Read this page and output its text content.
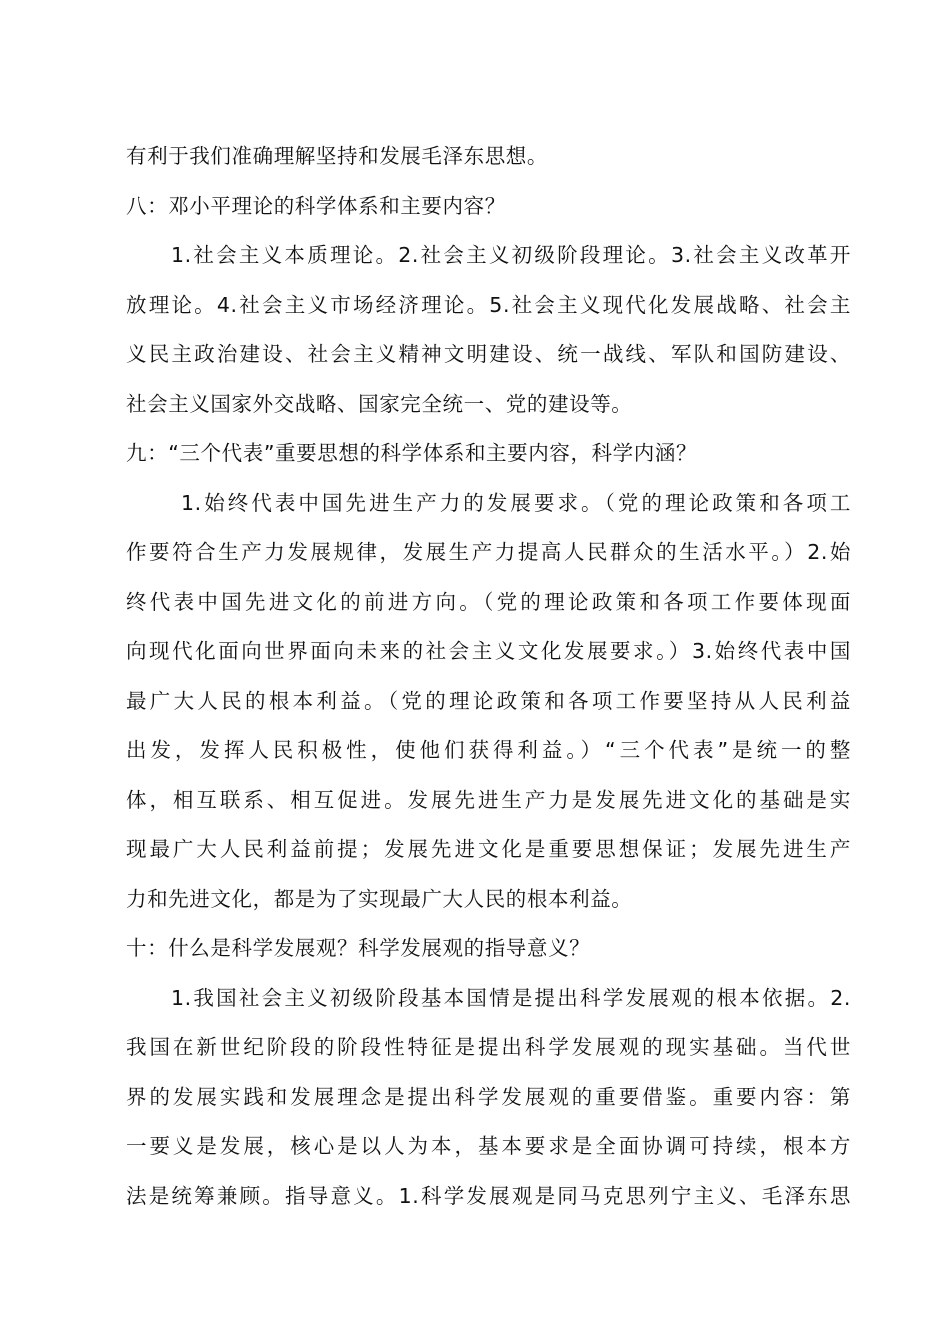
有利于我们准确理解坚持和发展毛泽东思想。
八：邓小平理论的科学体系和主要内容？
1.社会主义本质理论。2.社会主义初级阶段理论。3.社会主义改革开
放理论。4.社会主义市场经济理论。5.社会主义现代化发展战略、社会主
义民主政治建设、社会主义精神文明建设、统一战线、军队和国防建设、
社会主义国家外交战略、国家完全统一、党的建设等。
九：“三个代表”重要思想的科学体系和主要内容，科学内涵？
1.始终代表中国先进生产力的发展要求。（党的理论政策和各项工
作要符合生产力发展规律，发展生产力提高人民群众的生活水平。）2.始
终代表中国先进文化的前进方向。（党的理论政策和各项工作要体现面
向现代化面向世界面向未来的社会主义文化发展要求。）3.始终代表中国
最广大人民的根本利益。（党的理论政策和各项工作要坚持从人民利益
出发，发挥人民积极性，使他们获得利益。）“三个代表”是统一的整
体，相互联系、相互促进。发展先进生产力是发展先进文化的基础是实
现最广大人民利益前提；发展先进文化是重要思想保证；发展先进生产
力和先进文化，都是为了实现最广大人民的根本利益。
十：什么是科学发展观？科学发展观的指导意义？
1.我国社会主义初级阶段基本国情是提出科学发展观的根本依据。2.
我国在新世纪阶段的阶段性特征是提出科学发展观的现实基础。当代世
界的发展实践和发展理念是提出科学发展观的重要借鉴。重要内容：第
一要义是发展，核心是以人为本，基本要求是全面协调可持续，根本方
法是统筹兼顾。指导意义。1.科学发展观是同马克思列宁主义、毛泽东思
